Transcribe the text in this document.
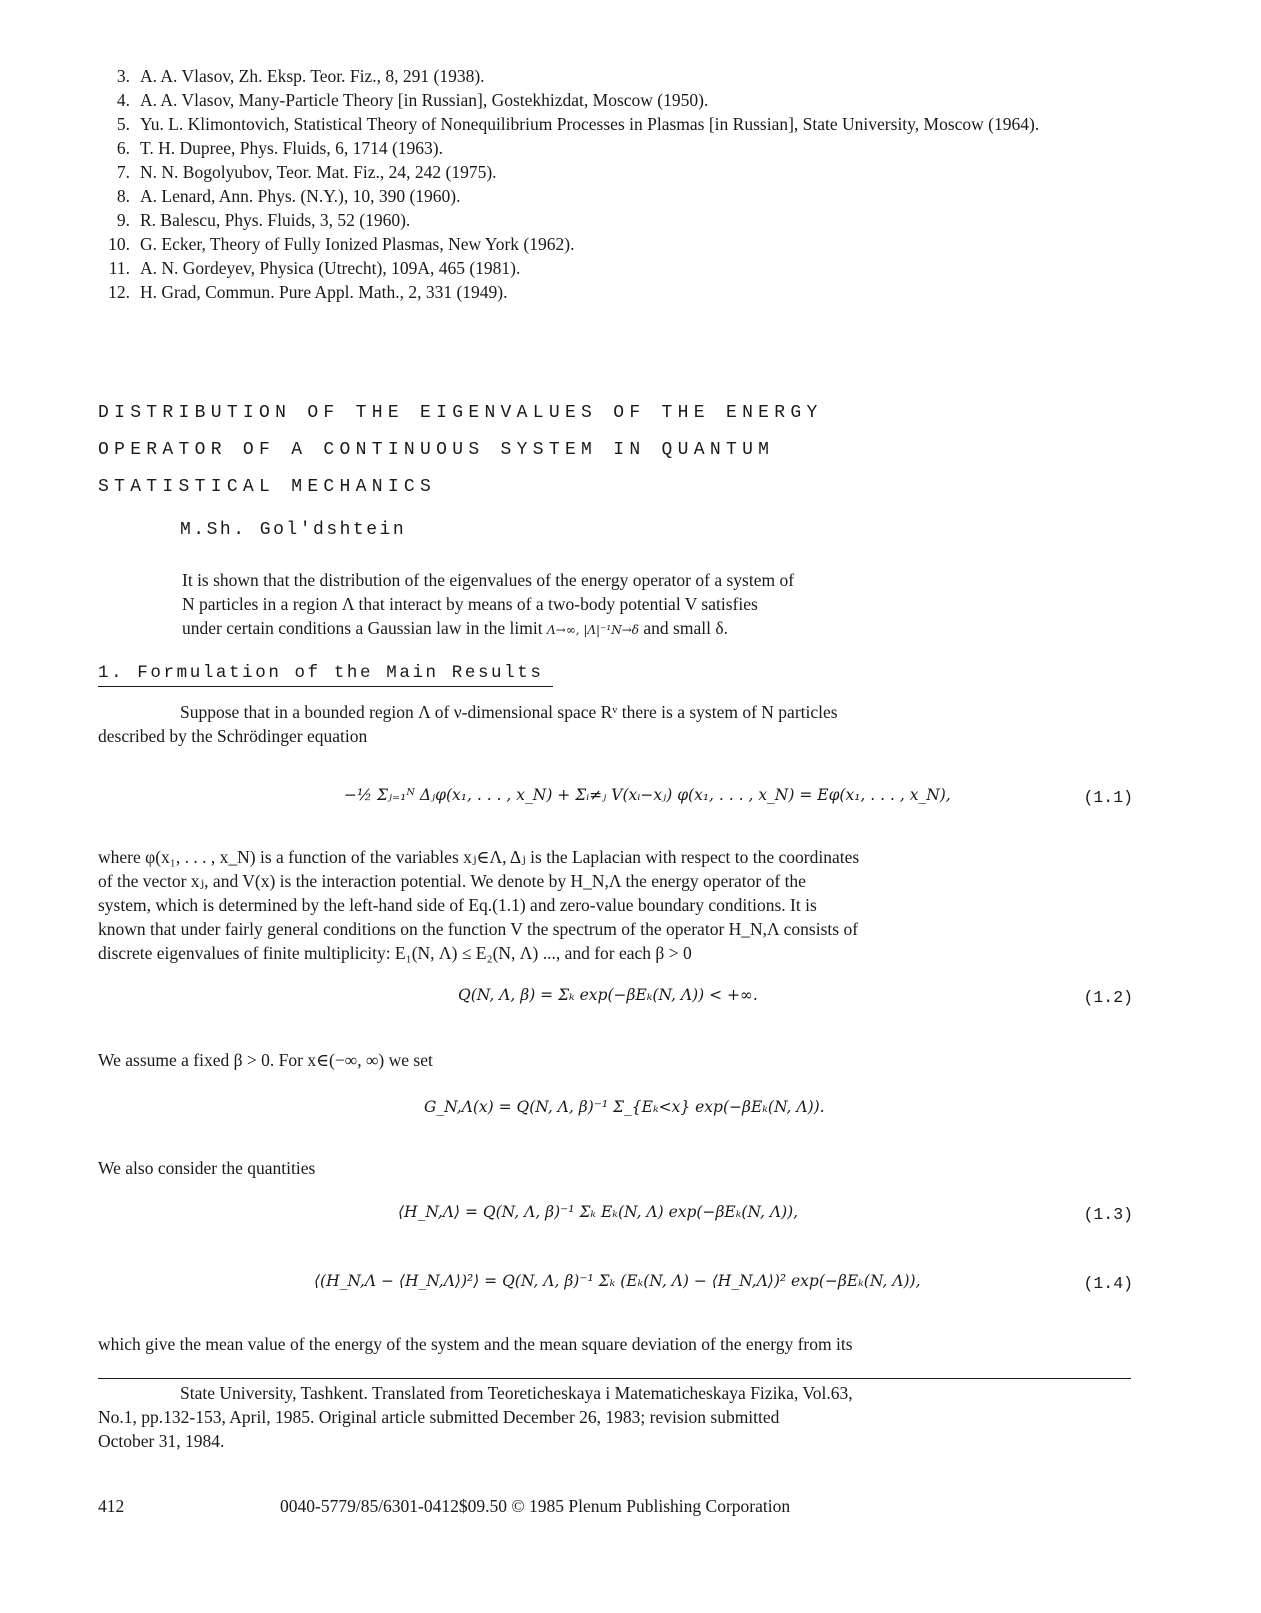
3. A. A. Vlasov, Zh. Eksp. Teor. Fiz., 8, 291 (1938).

4. A. A. Vlasov, Many-Particle Theory [in Russian], Gostekhizdat, Moscow (1950).

5. Yu. L. Klimontovich, Statistical Theory of Nonequilibrium Processes in Plasmas [in Russian], State University, Moscow (1964).

6. T. H. Dupree, Phys. Fluids, 6, 1714 (1963).

7. N. N. Bogolyubov, Teor. Mat. Fiz., 24, 242 (1975).

8. A. Lenard, Ann. Phys. (N.Y.), 10, 390 (1960).

9. R. Balescu, Phys. Fluids, 3, 52 (1960).

10. G. Ecker, Theory of Fully Ionized Plasmas, New York (1962).

11. A. N. Gordeyev, Physica (Utrecht), 109A, 465 (1981).

12. H. Grad, Commun. Pure Appl. Math., 2, 331 (1949).

DISTRIBUTION OF THE EIGENVALUES OF THE ENERGY

OPERATOR OF A CONTINUOUS SYSTEM IN QUANTUM

STATISTICAL MECHANICS

M.Sh. Gol'dshtein

It is shown that the distribution of the eigenvalues of the energy operator of a system of

N particles in a region Λ that interact by means of a two-body potential V satisfies

under certain conditions a Gaussian law in the limit Λ→∞, |Λ|⁻¹N→δ and small δ.

1. Formulation of the Main Results

Suppose that in a bounded region Λ of ν-dimensional space Rᵛ there is a system of N particles

described by the Schrödinger equation

−½ Σⱼ₌₁ᴺ Δⱼφ(x₁, . . . , x_N) + Σᵢ≠ⱼ V(xᵢ−xⱼ) φ(x₁, . . . , x_N) = Eφ(x₁, . . . , x_N),	(1.1)

where φ(x₁, . . . , x_N) is a function of the variables xⱼ∈Λ, Δⱼ is the Laplacian with respect to the coordinates

of the vector xⱼ, and V(x) is the interaction potential. We denote by H_N,Λ the energy operator of the

system, which is determined by the left-hand side of Eq.(1.1) and zero-value boundary conditions. It is

known that under fairly general conditions on the function V the spectrum of the operator H_N,Λ consists of

discrete eigenvalues of finite multiplicity: E₁(N, Λ) ≤ E₂(N, Λ) ..., and for each β > 0

Q(N, Λ, β) = Σₖ exp(−βEₖ(N, Λ)) < +∞.	(1.2)

We assume a fixed β > 0. For x∈(−∞, ∞) we set

G_N,Λ(x) = Q(N, Λ, β)⁻¹ Σ_{Eₖ<x} exp(−βEₖ(N, Λ)).

We also consider the quantities

⟨H_N,Λ⟩ = Q(N, Λ, β)⁻¹ Σₖ Eₖ(N, Λ) exp(−βEₖ(N, Λ)),	(1.3)
⟨(H_N,Λ − ⟨H_N,Λ⟩)²⟩ = Q(N, Λ, β)⁻¹ Σₖ (Eₖ(N, Λ) − ⟨H_N,Λ⟩)² exp(−βEₖ(N, Λ)),	(1.4)

which give the mean value of the energy of the system and the mean square deviation of the energy from its

State University, Tashkent. Translated from Teoreticheskaya i Matematicheskaya Fizika, Vol.63,

No.1, pp.132-153, April, 1985. Original article submitted December 26, 1983; revision submitted

October 31, 1984.

412	0040-5779/85/6301-0412$09.50 © 1985 Plenum Publishing Corporation
